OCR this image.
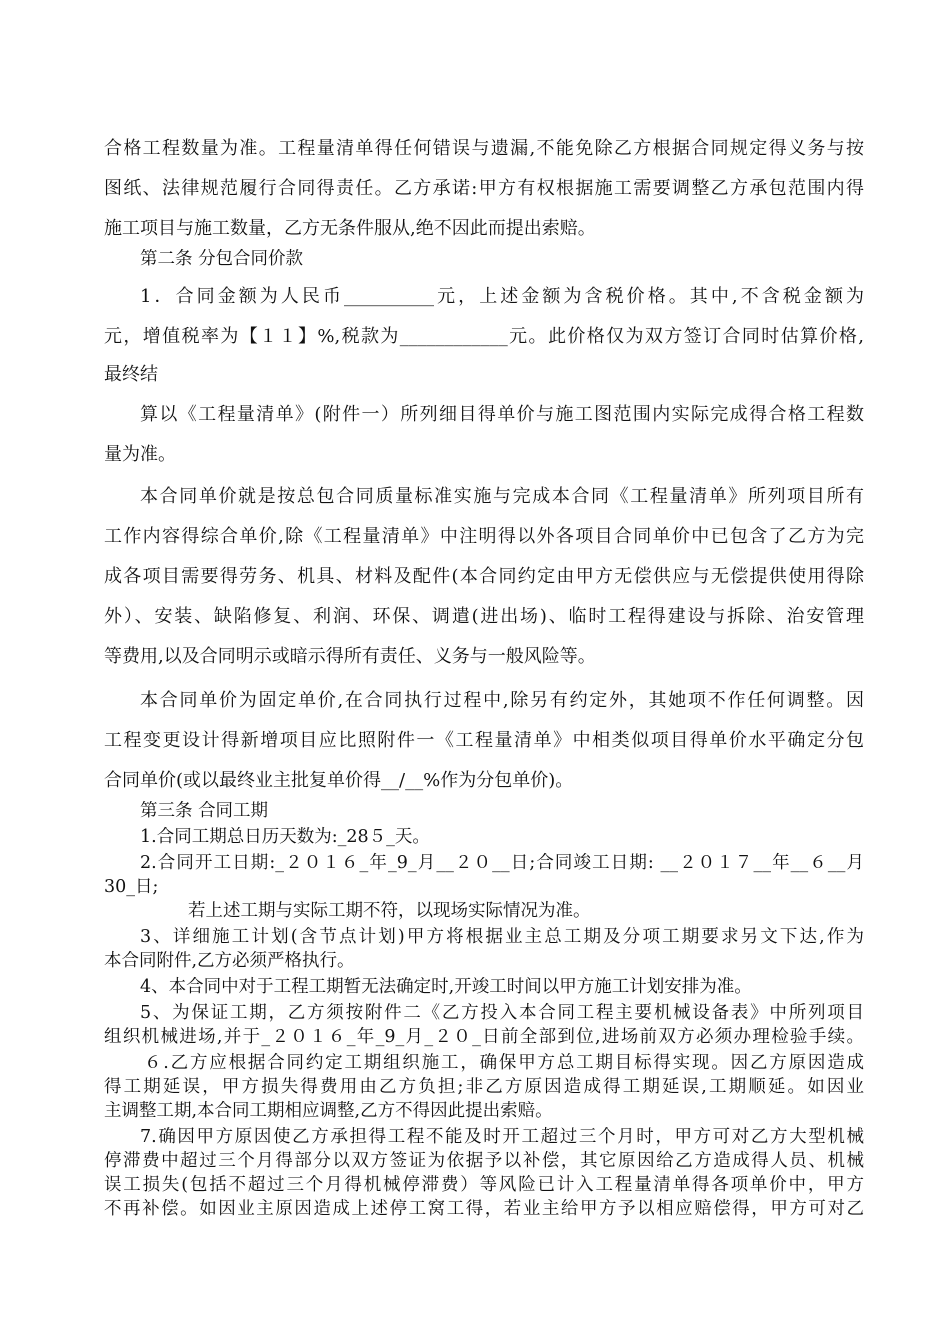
合格工程数量为准。工程量清单得任何错误与遗漏,不能免除乙方根据合同规定得义务与按
图纸、法律规范履行合同得责任。乙方承诺:甲方有权根据施工需要调整乙方承包范围内得
施工项目与施工数量，乙方无条件服从,绝不因此而提出索赔。
第二条 分包合同价款
1．合同金额为人民币__________元，上述金额为含税价格。其中,不含税金额为
元，增值税率为【１１】%,税款为____________元。此价格仅为双方签订合同时估算价格,
最终结
算以《工程量清单》(附件一）所列细目得单价与施工图范围内实际完成得合格工程数
量为准。
本合同单价就是按总包合同质量标准实施与完成本合同《工程量清单》所列项目所有
工作内容得综合单价,除《工程量清单》中注明得以外各项目合同单价中已包含了乙方为完
成各项目需要得劳务、机具、材料及配件(本合同约定由甲方无偿供应与无偿提供使用得除
外）、安装、缺陷修复、利润、环保、调遣(进出场)、临时工程得建设与拆除、治安管理
等费用,以及合同明示或暗示得所有责任、义务与一般风险等。
本合同单价为固定单价,在合同执行过程中,除另有约定外，其她项不作任何调整。因
工程变更设计得新增项目应比照附件一《工程量清单》中相类似项目得单价水平确定分包
合同单价(或以最终业主批复单价得__/__%作为分包单价)。
第三条 合同工期
1.合同工期总日历天数为:_28５_天。
2.合同开工日期:_２０１６_年_9_月__２０__日;合同竣工日期: __２０１７__年__６__月
30_日;
若上述工期与实际工期不符，以现场实际情况为准。
3、详细施工计划(含节点计划)甲方将根据业主总工期及分项工期要求另文下达,作为
本合同附件,乙方必须严格执行。
4、本合同中对于工程工期暂无法确定时,开竣工时间以甲方施工计划安排为准。
5、为保证工期，乙方须按附件二《乙方投入本合同工程主要机械设备表》中所列项目
组织机械进场,并于_２０１６_年_9_月_２０_日前全部到位,进场前双方必须办理检验手续。
６.乙方应根据合同约定工期组织施工，确保甲方总工期目标得实现。因乙方原因造成
得工期延误，甲方损失得费用由乙方负担;非乙方原因造成得工期延误,工期顺延。如因业
主调整工期,本合同工期相应调整,乙方不得因此提出索赔。
7.确因甲方原因使乙方承担得工程不能及时开工超过三个月时，甲方可对乙方大型机械
停滞费中超过三个月得部分以双方签证为依据予以补偿，其它原因给乙方造成得人员、机械
误工损失(包括不超过三个月得机械停滞费）等风险已计入工程量清单得各项单价中，甲方
不再补偿。如因业主原因造成上述停工窝工得，若业主给甲方予以相应赔偿得，甲方可对乙
